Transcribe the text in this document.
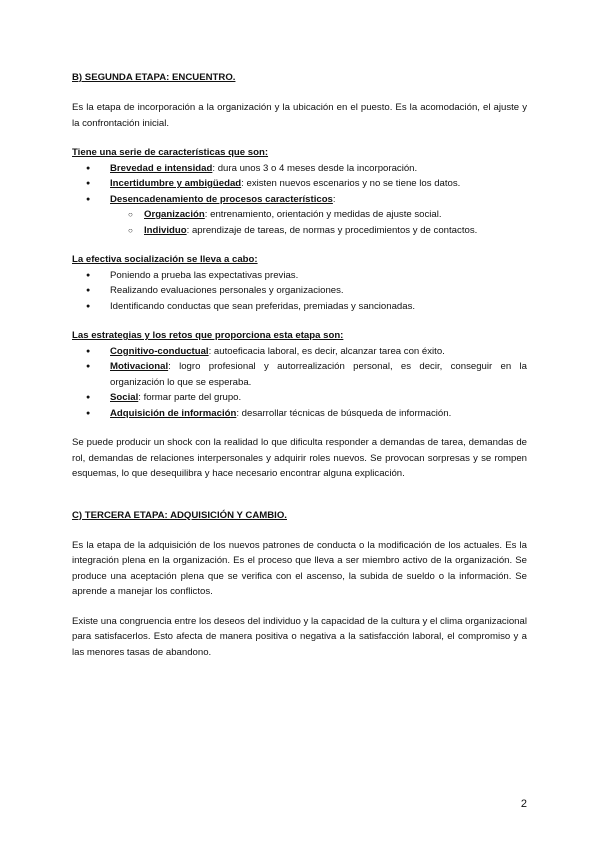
B) SEGUNDA ETAPA: ENCUENTRO.

Es la etapa de incorporación a la organización y la ubicación en el puesto. Es la acomodación, el ajuste y la confrontación inicial.

Tiene una serie de características que son:
● Brevedad e intensidad: dura unos 3 o 4 meses desde la incorporación.
● Incertidumbre y ambigüedad: existen nuevos escenarios y no se tiene los datos.
● Desencadenamiento de procesos característicos:
○ Organización: entrenamiento, orientación y medidas de ajuste social.
○ Individuo: aprendizaje de tareas, de normas y procedimientos y de contactos.
La efectiva socialización se lleva a cabo:
● Poniendo a prueba las expectativas previas.
● Realizando evaluaciones personales y organizaciones.
● Identificando conductas que sean preferidas, premiadas y sancionadas.
Las estrategias y los retos que proporciona esta etapa son:
● Cognitivo-conductual: autoeficacia laboral, es decir, alcanzar tarea con éxito.
● Motivacional: logro profesional y autorrealización personal, es decir, conseguir en la organización lo que se esperaba.
● Social: formar parte del grupo.
● Adquisición de información: desarrollar técnicas de búsqueda de información.

Se puede producir un shock con la realidad lo que dificulta responder a demandas de tarea, demandas de rol, demandas de relaciones interpersonales y adquirir roles nuevos. Se provocan sorpresas y se rompen esquemas, lo que desequilibra y hace necesario encontrar alguna explicación.

C) TERCERA ETAPA: ADQUISICIÓN Y CAMBIO.

Es la etapa de la adquisición de los nuevos patrones de conducta o la modificación de los actuales. Es la integración plena en la organización. Es el proceso que lleva a ser miembro activo de la organización. Se produce una aceptación plena que se verifica con el ascenso, la subida de sueldo o la información. Se aprende a manejar los conflictos.

Existe una congruencia entre los deseos del individuo y la capacidad de la cultura y el clima organizacional para satisfacerlos. Esto afecta de manera positiva o negativa a la satisfacción laboral, el compromiso y a las menores tasas de abandono.

2
